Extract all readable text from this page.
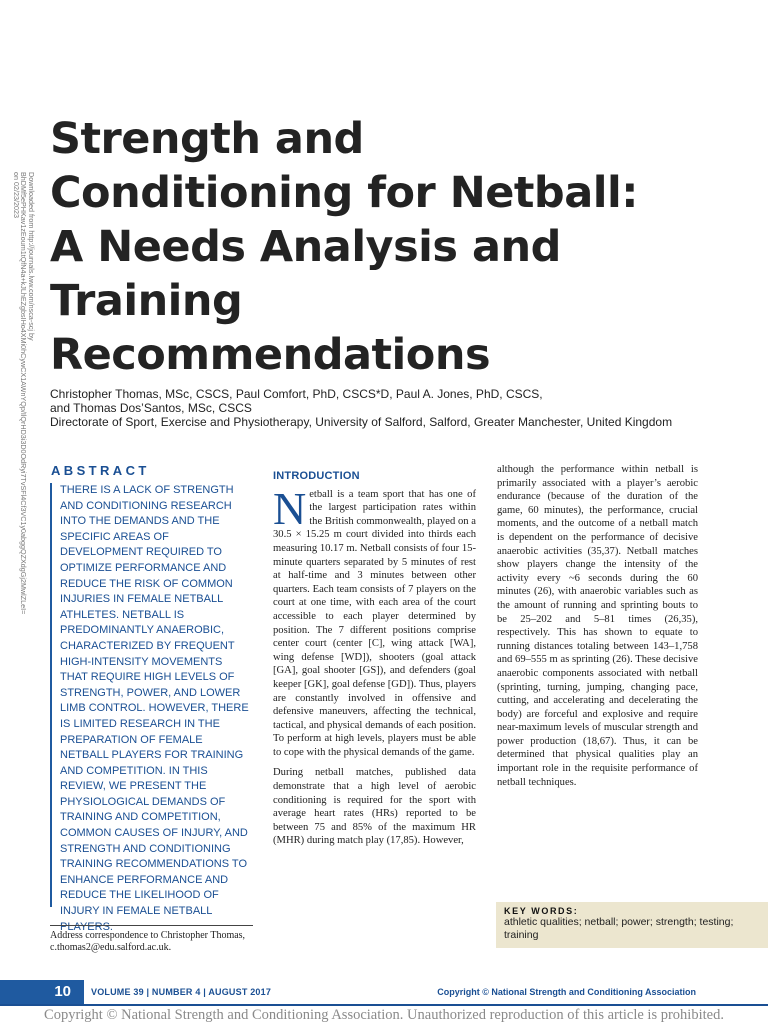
Downloaded from http://journals.lww.com/nsca-scj by BhDMf5ePHKav1zEoum1tQfN4a+kJLhEZgbsIHo4XMi0hCywCX1AWnYQp/IlQrHD3i3D0OdRyi7TvSFl4Cf3VC1y0abggQZXdgGj2MwlZLeI= on 02/23/2023
Strength and
Conditioning for Netball:
A Needs Analysis and
Training
Recommendations
Christopher Thomas, MSc, CSCS, Paul Comfort, PhD, CSCS*D, Paul A. Jones, PhD, CSCS,
and Thomas Dos’Santos, MSc, CSCS
Directorate of Sport, Exercise and Physiotherapy, University of Salford, Salford, Greater Manchester, United Kingdom
ABSTRACT
THERE IS A LACK OF STRENGTH AND CONDITIONING RESEARCH INTO THE DEMANDS AND THE SPECIFIC AREAS OF DEVELOPMENT REQUIRED TO OPTIMIZE PERFORMANCE AND REDUCE THE RISK OF COMMON INJURIES IN FEMALE NETBALL ATHLETES. NETBALL IS PREDOMINANTLY ANAEROBIC, CHARACTERIZED BY FREQUENT HIGH-INTENSITY MOVEMENTS THAT REQUIRE HIGH LEVELS OF STRENGTH, POWER, AND LOWER LIMB CONTROL. HOWEVER, THERE IS LIMITED RESEARCH IN THE PREPARATION OF FEMALE NETBALL PLAYERS FOR TRAINING AND COMPETITION. IN THIS REVIEW, WE PRESENT THE PHYSIOLOGICAL DEMANDS OF TRAINING AND COMPETITION, COMMON CAUSES OF INJURY, AND STRENGTH AND CONDITIONING TRAINING RECOMMENDATIONS TO ENHANCE PERFORMANCE AND REDUCE THE LIKELIHOOD OF INJURY IN FEMALE NETBALL PLAYERS.
Address correspondence to Christopher Thomas, c.thomas2@edu.salford.ac.uk.
INTRODUCTION

Netball is a team sport that has one of the largest participation rates within the British commonwealth, played on a 30.5 × 15.25 m court divided into thirds each measuring 10.17 m. Netball consists of four 15-minute quarters separated by 5 minutes of rest at half-time and 3 minutes between other quarters. Each team consists of 7 players on the court at one time, with each area of the court accessible to each player determined by position. The 7 different positions comprise center court (center [C], wing attack [WA], wing defense [WD]), shooters (goal attack [GA], goal shooter [GS]), and defenders (goal keeper [GK], goal defense [GD]). Thus, players are constantly involved in offensive and defensive maneuvers, affecting the technical, tactical, and physical demands of each position. To perform at high levels, players must be able to cope with the physical demands of the game.

During netball matches, published data demonstrate that a high level of aerobic conditioning is required for the sport with average heart rates (HRs) reported to be between 75 and 85% of the maximum HR (MHR) during match play (17,85). However,

although the performance within netball is primarily associated with a player’s aerobic endurance (because of the duration of the game, 60 minutes), the performance, crucial moments, and the outcome of a netball match is dependent on the performance of decisive anaerobic activities (35,37). Netball matches show players change the intensity of the activity every ~6 seconds during the 60 minutes (26), with anaerobic variables such as the amount of running and sprinting bouts to be 25–202 and 5–81 times (26,35), respectively. This has shown to equate to running distances totaling between 143–1,758 and 69–555 m as sprinting (26). These decisive anaerobic components associated with netball (sprinting, turning, jumping, changing pace, cutting, and accelerating and decelerating the body) are forceful and explosive and require near-maximum levels of muscular strength and power production (18,67). Thus, it can be determined that physical qualities play an important role in the requisite performance of netball techniques.

KEY WORDS:
athletic qualities; netball; power; strength; testing; training
10	VOLUME 39 | NUMBER 4 | AUGUST 2017	Copyright © National Strength and Conditioning Association
Copyright © National Strength and Conditioning Association. Unauthorized reproduction of this article is prohibited.
